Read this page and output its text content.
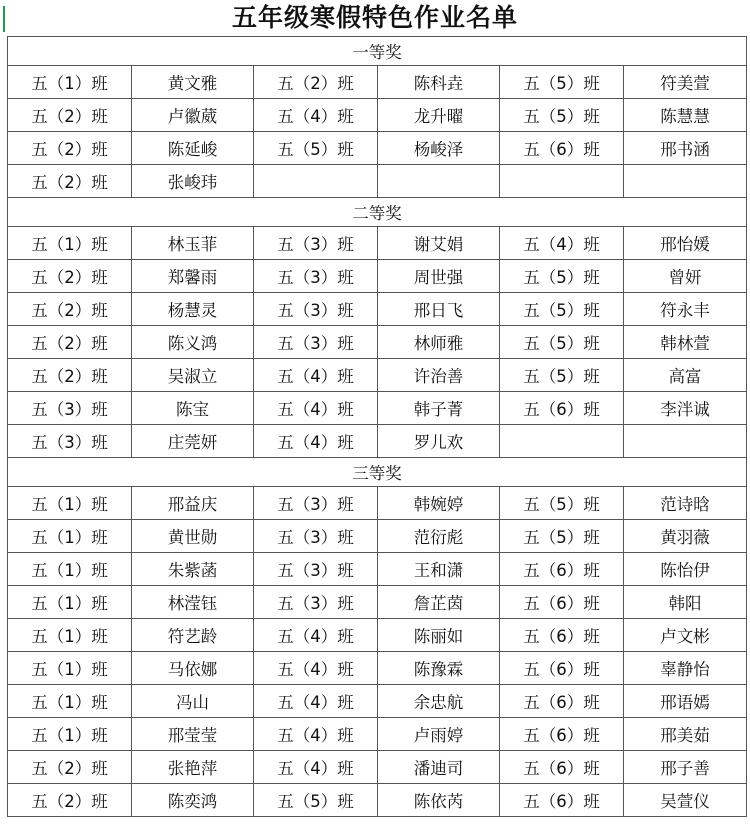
五年级寒假特色作业名单
一等奖					
五（1）班	黄文雅	五（2）班	陈科垚	五（5）班	符美萱
五（2）班	卢徽葳	五（4）班	龙升曜	五（5）班	陈慧慧
五（2）班	陈延峻	五（5）班	杨峻泽	五（6）班	邢书涵
五（2）班	张峻玮				
二等奖					
五（1）班	林玉菲	五（3）班	谢艾娟	五（4）班	邢怡媛
五（2）班	郑馨雨	五（3）班	周世强	五（5）班	曾妍
五（2）班	杨慧灵	五（3）班	邢日飞	五（5）班	符永丰
五（2）班	陈义鸿	五（3）班	林师雅	五（5）班	韩林萱
五（2）班	吴淑立	五（4）班	许治善	五（5）班	高富
五（3）班	陈宝	五（4）班	韩子菁	五（6）班	李泮诚
五（3）班	庄莞妍	五（4）班	罗儿欢		
三等奖					
五（1）班	邢益庆	五（3）班	韩婉婷	五（5）班	范诗晗
五（1）班	黄世勋	五（3）班	范衍彪	五（5）班	黄羽薇
五（1）班	朱紫菡	五（3）班	王和潇	五（6）班	陈怡伊
五（1）班	林滢钰	五（3）班	詹芷茵	五（6）班	韩阳
五（1）班	符艺龄	五（4）班	陈丽如	五（6）班	卢文彬
五（1）班	马依娜	五（4）班	陈豫霖	五（6）班	辜静怡
五（1）班	冯山	五（4）班	余忠航	五（6）班	邢语嫣
五（1）班	邢莹莹	五（4）班	卢雨婷	五（6）班	邢美茹
五（2）班	张艳萍	五（4）班	潘迪司	五（6）班	邢子善
五（2）班	陈奕鸿	五（5）班	陈依芮	五（6）班	吴萱仪
